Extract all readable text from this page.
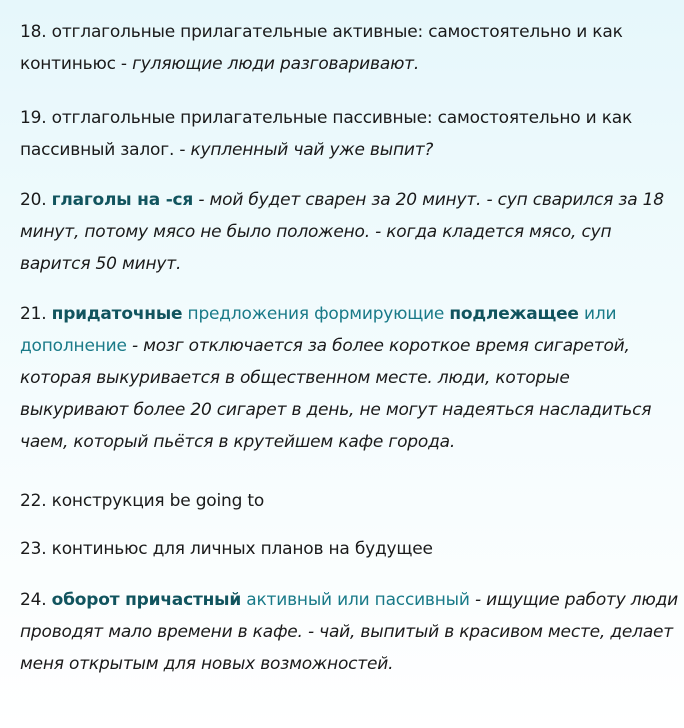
18. отглагольные прилагательные активные: самостоятельно и как континьюс - гуляющие люди разговаривают.
19. отглагольные прилагательные пассивные: самостоятельно и как пассивный залог. - купленный чай уже выпит?
20. глаголы на -ся - мой будет сварен за 20 минут. - суп сварился за 18 минут, потому мясо не было положено. - когда кладется мясо, суп варится 50 минут.
21. придаточные предложения формирующие подлежащее или дополнение - мозг отключается за более короткое время сигаретой, которая выкуривается в общественном месте. люди, которые выкуривают более 20 сигарет в день, не могут надеяться насладиться чаем, который пьётся в крутейшем кафе города.
22. конструкция be going to
23. континьюс для личных планов на будущее
24. оборот причастный активный или пассивный - ищущие работу люди проводят мало времени в кафе. - чай, выпитый в красивом месте, делает меня открытым для новых возможностей.
